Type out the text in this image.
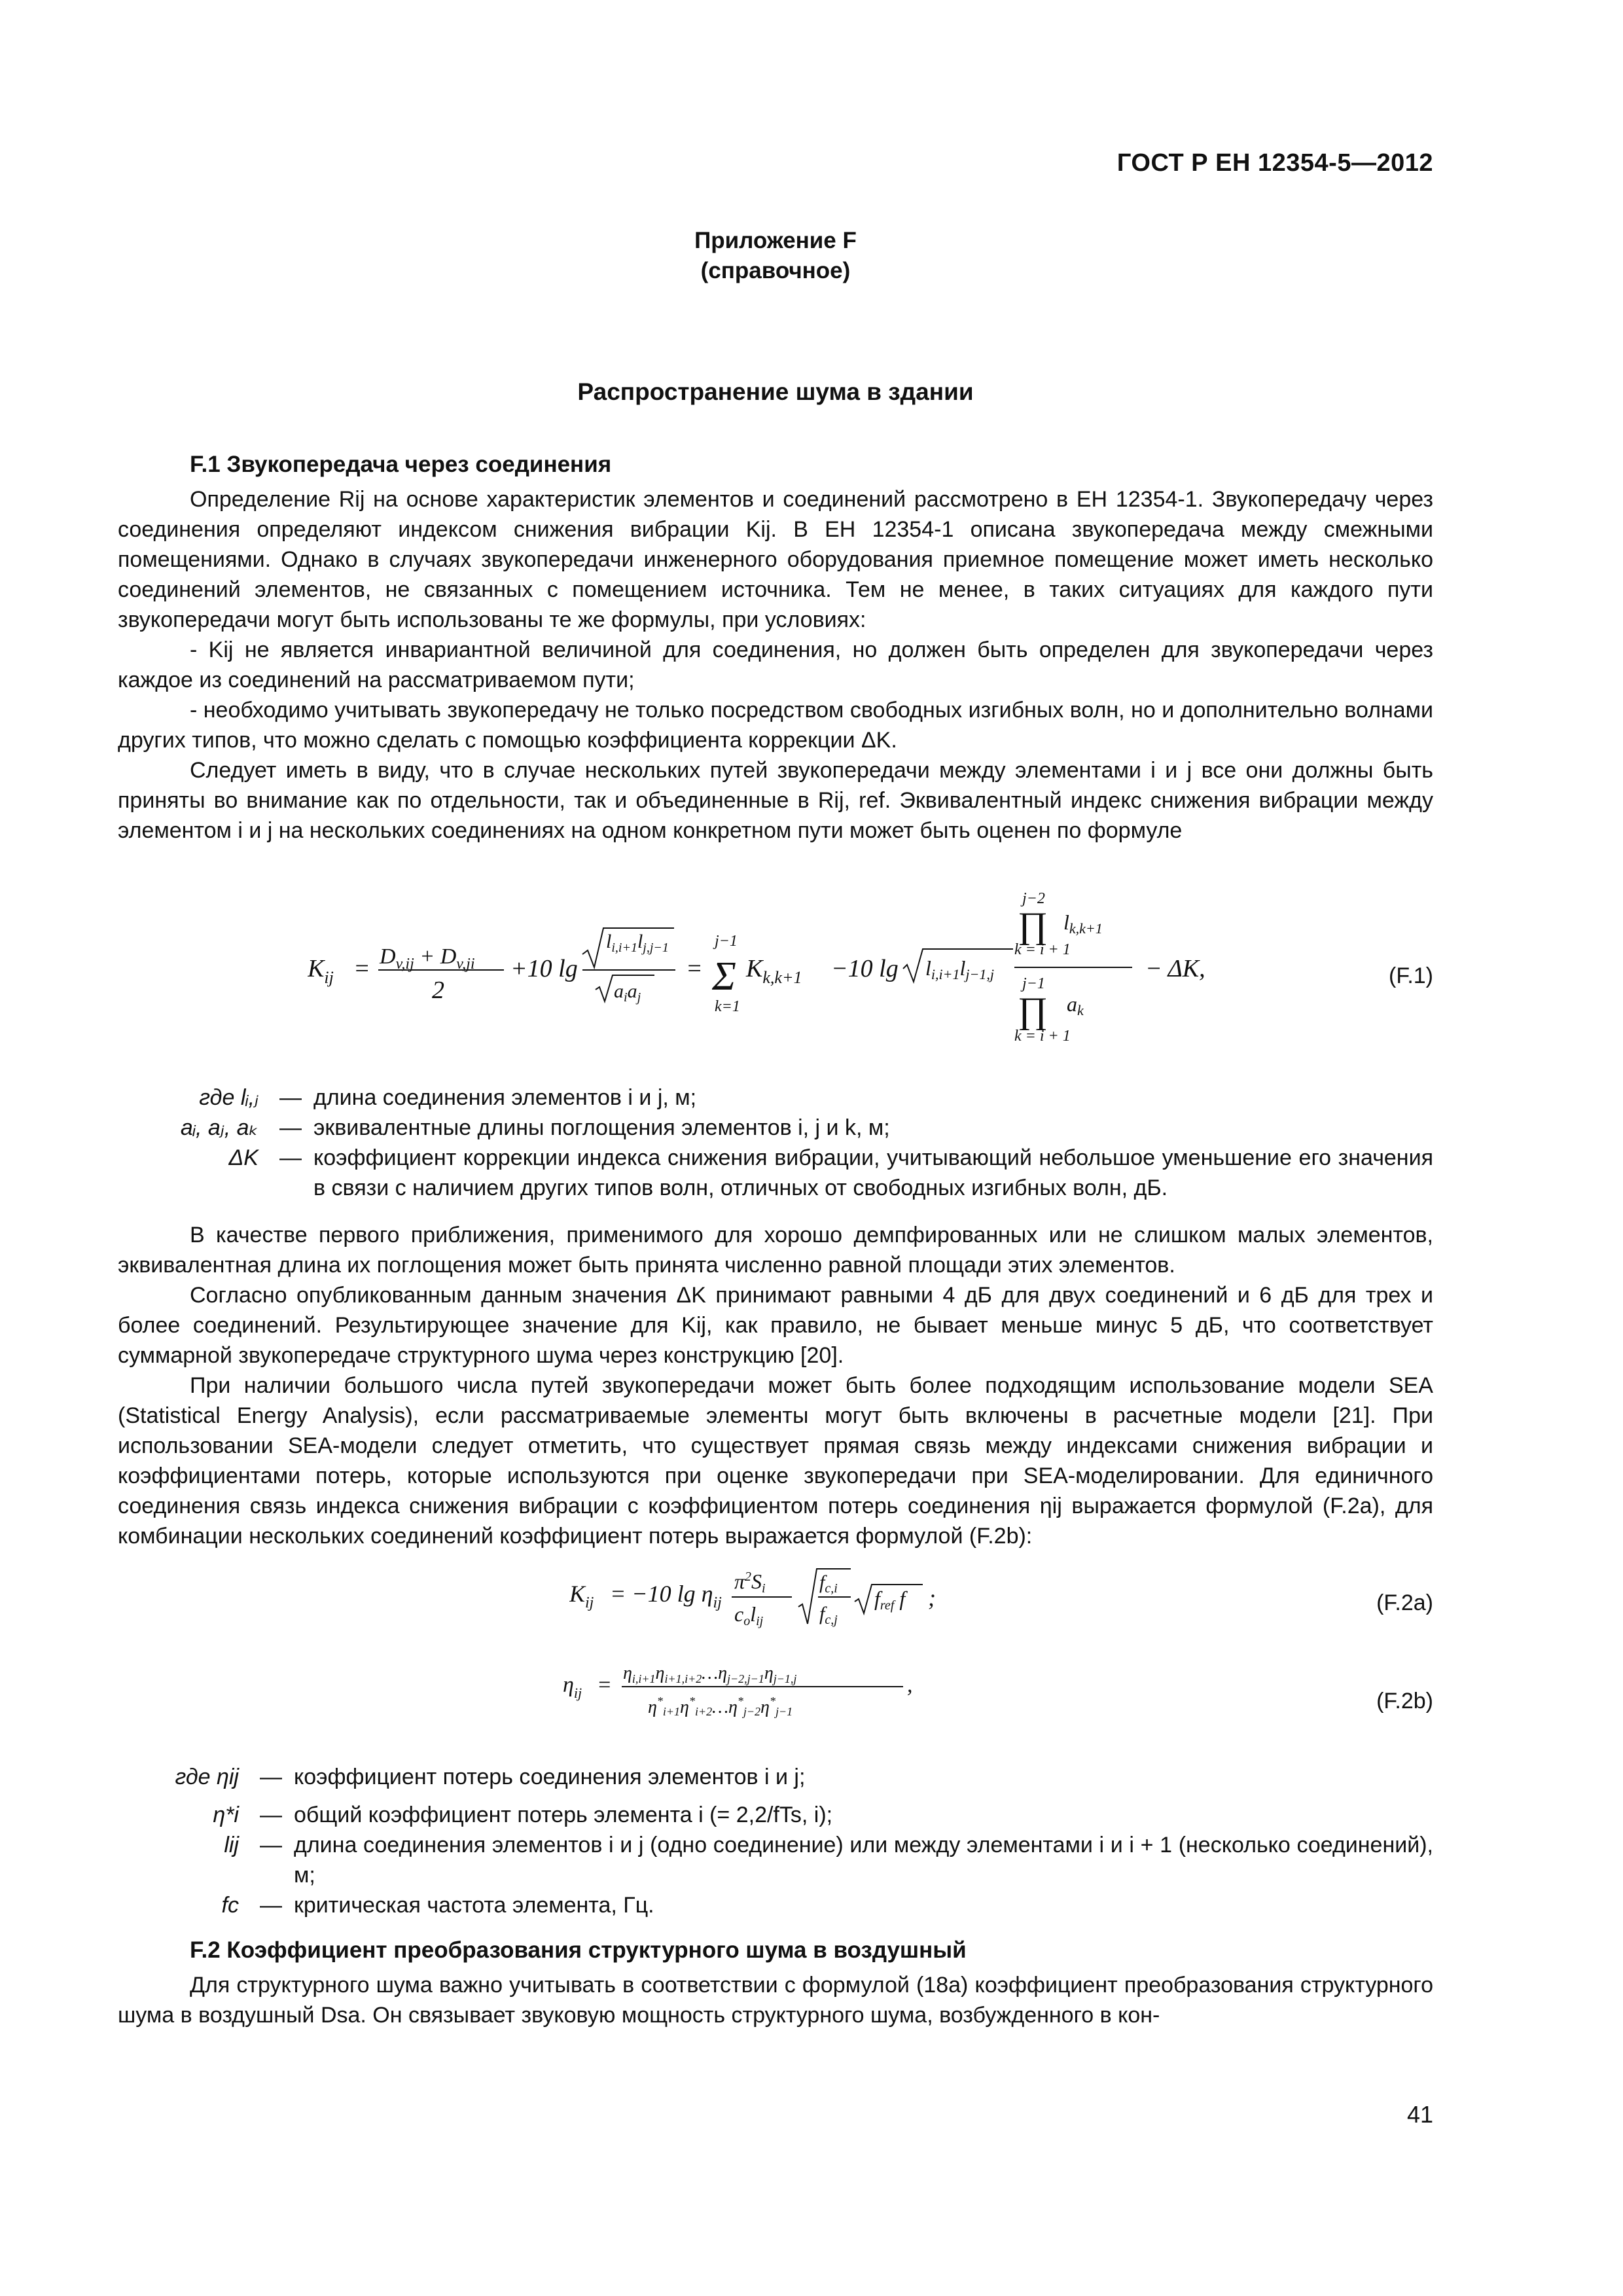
ГОСТ Р ЕН 12354-5—2012
Приложение F
(справочное)
Распространение шума в здании
F.1 Звукопередача через соединения
Определение Rij на основе характеристик элементов и соединений рассмотрено в ЕН 12354-1. Звукопередачу через соединения определяют индексом снижения вибрации Kij. В ЕН 12354-1 описана звукопередача между смежными помещениями. Однако в случаях звукопередачи инженерного оборудования приемное помещение может иметь несколько соединений элементов, не связанных с помещением источника. Тем не менее, в таких ситуациях для каждого пути звукопередачи могут быть использованы те же формулы, при условиях:
- Kij не является инвариантной величиной для соединения, но должен быть определен для звукопередачи через каждое из соединений на рассматриваемом пути;
- необходимо учитывать звукопередачу не только посредством свободных изгибных волн, но и дополнительно волнами других типов, что можно сделать с помощью коэффициента коррекции ΔK.
Следует иметь в виду, что в случае нескольких путей звукопередачи между элементами i и j все они должны быть приняты во внимание как по отдельности, так и объединенные в Rij, ref. Эквивалентный индекс снижения вибрации между элементом i и j на нескольких соединениях на одном конкретном пути может быть оценен по формуле
$K_{ij} = D_{v,ij} + D_{v,ji}$
2
+10 lg
$l_{i,i+1}l_{j,j-1}$
$a_ia_j$
= Σ
j−1
k=1
$K_{k,k+1} -10$ lg li,i+1lj−1,j
j−2
∏
k = i + 1
lk,k+1
j−1
∏
k = i + 1
ak
− ΔK,	(F.1)
где lᵢ,ⱼ — длина соединения элементов i и j, м;
aᵢ, aⱼ, aₖ — эквивалентные длины поглощения элементов i, j и k, м;
ΔK — коэффициент коррекции индекса снижения вибрации, учитывающий небольшое уменьшение его значения в связи с наличием других типов волн, отличных от свободных изгибных волн, дБ.
В качестве первого приближения, применимого для хорошо демпфированных или не слишком малых элементов, эквивалентная длина их поглощения может быть принята численно равной площади этих элементов.
Согласно опубликованным данным значения ΔK принимают равными 4 дБ для двух соединений и 6 дБ для трех и более соединений. Результирующее значение для Kij, как правило, не бывает меньше минус 5 дБ, что соответствует суммарной звукопередаче структурного шума через конструкцию [20].
При наличии большого числа путей звукопередачи может быть более подходящим использование модели SEA (Statistical Energy Analysis), если рассматриваемые элементы могут быть включены в расчетные модели [21]. При использовании SEA-модели следует отметить, что существует прямая связь между индексами снижения вибрации и коэффициентами потерь, которые используются при оценке звукопередачи при SEA-моделировании. Для единичного соединения связь индекса снижения вибрации с коэффициентом потерь соединения ηij выражается формулой (F.2а), для комбинации нескольких соединений коэффициент потерь выражается формулой (F.2b):
$K_{ij} = -10$ $\lg \eta_{ij}$
$\pi^2Si$
colij
$f_{c,i}$
$f_{c,j}$
fref f ;	(F.2a)
$\eta_{ij}$ = $\eta_{i,i+1}\eta_{i+1,i+2}\dots\eta_{j-2,j-1}\eta_{j-1,j}$
$\eta^*_{i+1}\eta^*_{i+2}\dots\eta^*_{j-2}\eta^*_{j-1}$
,
(F.2b)
где ηij — коэффициент потерь соединения элементов i и j;
η*i — общий коэффициент потерь элемента i (= 2,2/fTs, i);
lij — длина соединения элементов i и j (одно соединение) или между элементами i и i + 1 (несколько соединений), м;
fc — критическая частота элемента, Гц.
F.2 Коэффициент преобразования структурного шума в воздушный
Для структурного шума важно учитывать в соответствии с формулой (18а) коэффициент преобразования структурного шума в воздушный Dsa. Он связывает звуковую мощность структурного шума, возбужденного в кон-
41
